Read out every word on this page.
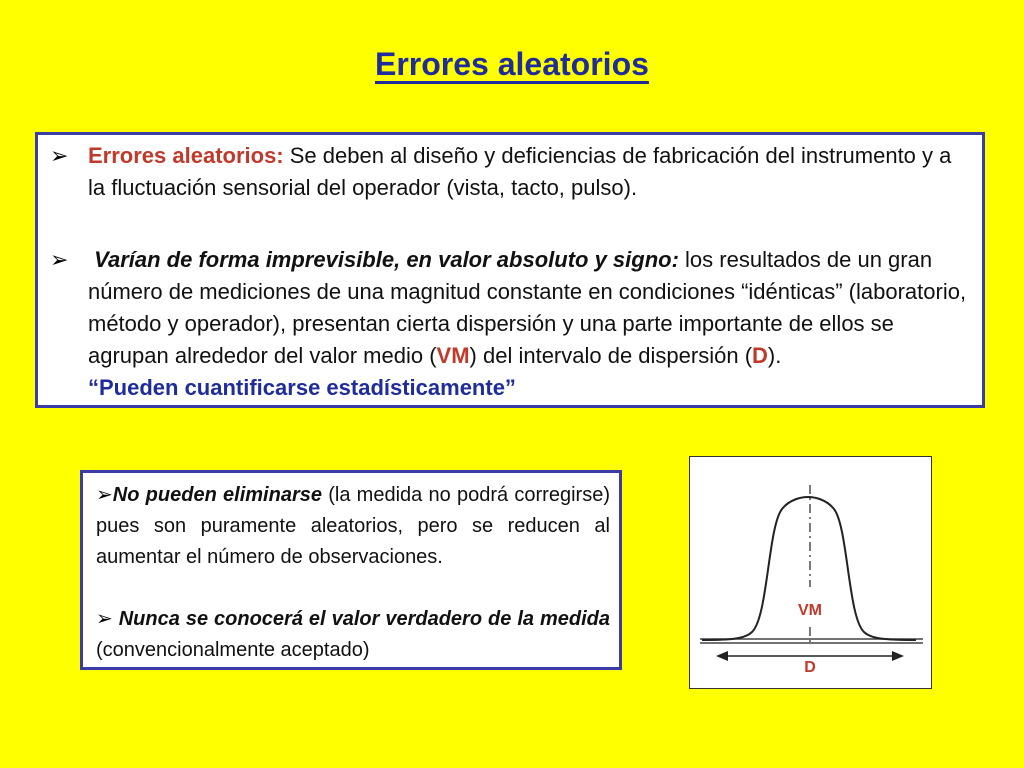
Errores aleatorios
➢ Errores aleatorios: Se deben al diseño y deficiencias de fabricación del instrumento y a la fluctuación sensorial del operador (vista, tacto, pulso).
➢	Varían de forma imprevisible, en valor absoluto y signo: los resultados de un gran número de mediciones de una magnitud constante en condiciones “idénticas” (laboratorio, método y operador), presentan cierta dispersión y una parte importante de ellos se agrupan alrededor del valor medio (VM) del intervalo de dispersión (D).
“Pueden cuantificarse estadísticamente”
➢No pueden eliminarse (la medida no podrá corregirse) pues son puramente aleatorios, pero se reducen al aumentar el número de observaciones.
➢ Nunca se conocerá el valor verdadero de la medida (convencionalmente aceptado)
VM
D
